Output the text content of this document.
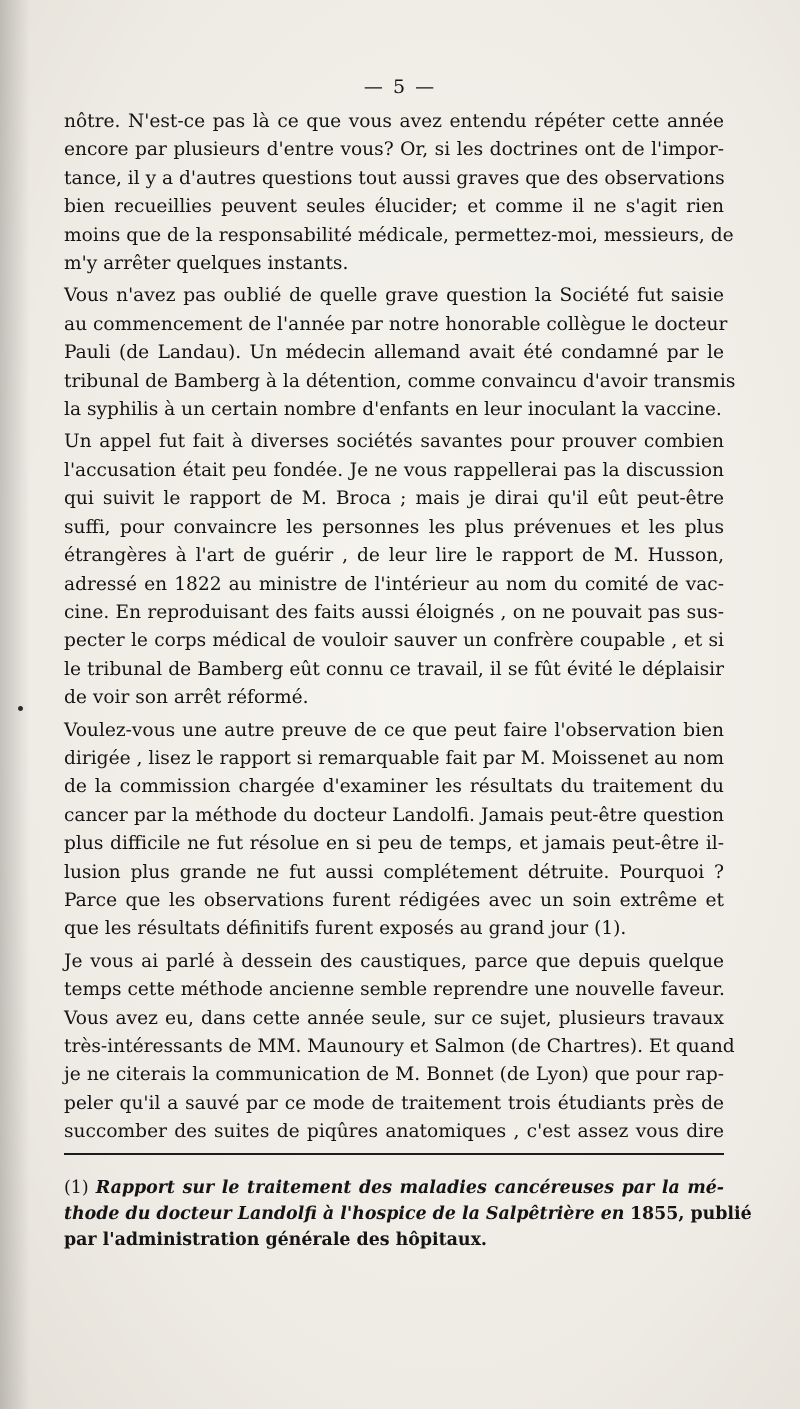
— 5 —

nôtre. N'est-ce pas là ce que vous avez entendu répéter cette année
encore par plusieurs d'entre vous? Or, si les doctrines ont de l'impor-
tance, il y a d'autres questions tout aussi graves que des observations
bien recueillies peuvent seules élucider; et comme il ne s'agit rien
moins que de la responsabilité médicale, permettez-moi, messieurs, de
m'y arrêter quelques instants.

Vous n'avez pas oublié de quelle grave question la Société fut saisie
au commencement de l'année par notre honorable collègue le docteur
Pauli (de Landau). Un médecin allemand avait été condamné par le
tribunal de Bamberg à la détention, comme convaincu d'avoir transmis
la syphilis à un certain nombre d'enfants en leur inoculant la vaccine.

Un appel fut fait à diverses sociétés savantes pour prouver combien
l'accusation était peu fondée. Je ne vous rappellerai pas la discussion
qui suivit le rapport de M. Broca ; mais je dirai qu'il eût peut-être
suffi, pour convaincre les personnes les plus prévenues et les plus
étrangères à l'art de guérir , de leur lire le rapport de M. Husson,
adressé en 1822 au ministre de l'intérieur au nom du comité de vac-
cine. En reproduisant des faits aussi éloignés , on ne pouvait pas sus-
pecter le corps médical de vouloir sauver un confrère coupable , et si
le tribunal de Bamberg eût connu ce travail, il se fût évité le déplaisir
de voir son arrêt réformé.

Voulez-vous une autre preuve de ce que peut faire l'observation bien
dirigée , lisez le rapport si remarquable fait par M. Moissenet au nom
de la commission chargée d'examiner les résultats du traitement du
cancer par la méthode du docteur Landolfi. Jamais peut-être question
plus difficile ne fut résolue en si peu de temps, et jamais peut-être il-
lusion plus grande ne fut aussi complétement détruite. Pourquoi ?
Parce que les observations furent rédigées avec un soin extrême et
que les résultats définitifs furent exposés au grand jour (1).

Je vous ai parlé à dessein des caustiques, parce que depuis quelque
temps cette méthode ancienne semble reprendre une nouvelle faveur.
Vous avez eu, dans cette année seule, sur ce sujet, plusieurs travaux
très-intéressants de MM. Maunoury et Salmon (de Chartres). Et quand
je ne citerais la communication de M. Bonnet (de Lyon) que pour rap-
peler qu'il a sauvé par ce mode de traitement trois étudiants près de
succomber des suites de piqûres anatomiques , c'est assez vous dire

(1) Rapport sur le traitement des maladies cancéreuses par la mé-
thode du docteur Landolfi à l'hospice de la Salpêtrière en 1855, publié
par l'administration générale des hôpitaux.
